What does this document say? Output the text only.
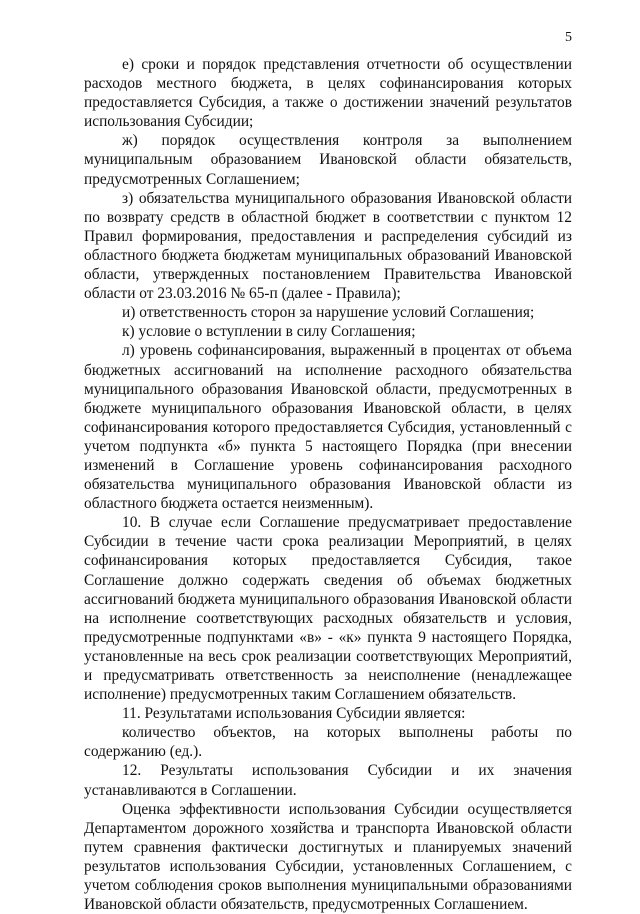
5

е) сроки и порядок представления отчетности об осуществлении расходов местного бюджета, в целях софинансирования которых предоставляется Субсидия, а также о достижении значений результатов использования Субсидии;

ж) порядок осуществления контроля за выполнением муниципальным образованием Ивановской области обязательств, предусмотренных Соглашением;

з) обязательства муниципального образования Ивановской области по возврату средств в областной бюджет в соответствии с пунктом 12 Правил формирования, предоставления и распределения субсидий из областного бюджета бюджетам муниципальных образований Ивановской области, утвержденных постановлением Правительства Ивановской области от 23.03.2016 № 65-п (далее - Правила);

и) ответственность сторон за нарушение условий Соглашения;

к) условие о вступлении в силу Соглашения;

л) уровень софинансирования, выраженный в процентах от объема бюджетных ассигнований на исполнение расходного обязательства муниципального образования Ивановской области, предусмотренных в бюджете муниципального образования Ивановской области, в целях софинансирования которого предоставляется Субсидия, установленный с учетом подпункта «б» пункта 5 настоящего Порядка (при внесении изменений в Соглашение уровень софинансирования расходного обязательства муниципального образования Ивановской области из областного бюджета остается неизменным).

10. В случае если Соглашение предусматривает предоставление Субсидии в течение части срока реализации Мероприятий, в целях софинансирования которых предоставляется Субсидия, такое Соглашение должно содержать сведения об объемах бюджетных ассигнований бюджета муниципального образования Ивановской области на исполнение соответствующих расходных обязательств и условия, предусмотренные подпунктами «в» - «к» пункта 9 настоящего Порядка, установленные на весь срок реализации соответствующих Мероприятий, и предусматривать ответственность за неисполнение (ненадлежащее исполнение) предусмотренных таким Соглашением обязательств.

11. Результатами использования Субсидии является:

количество объектов, на которых выполнены работы по содержанию (ед.).

12. Результаты использования Субсидии и их значения устанавливаются в Соглашении.

Оценка эффективности использования Субсидии осуществляется Департаментом дорожного хозяйства и транспорта Ивановской области путем сравнения фактически достигнутых и планируемых значений результатов использования Субсидии, установленных Соглашением, с учетом соблюдения сроков выполнения муниципальными образованиями Ивановской области обязательств, предусмотренных Соглашением.
